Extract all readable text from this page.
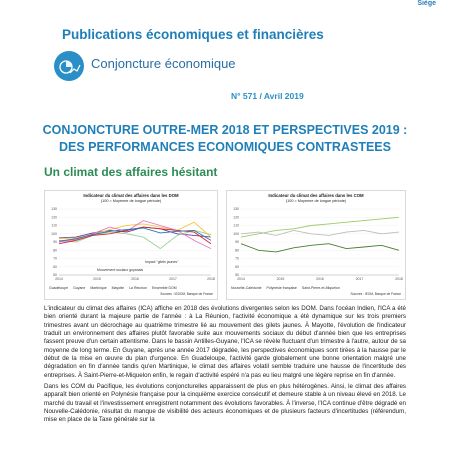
Siège
Publications économiques et financières
Conjoncture économique
N° 571 / Avril 2019
CONJONCTURE OUTRE-MER 2018 ET PERSPECTIVES 2019 :
DES PERFORMANCES ECONOMIQUES CONTRASTEES
Un climat des affaires hésitant
Indicateur du climat des affaires dans les DOM
(100 = Moyenne de longue période)
50
60
70
80
90
100
110
120
130
2014	2015	2016	2017	2018
Mouvement sociaux guyanais
Impact "gilets jaunes"
Guadeloupe Guyane Martinique Mayotte La Réunion Ensemble DOM
Sources : IEDOM, Banque de France
Indicateur du climat des affaires dans les COM
(100 = Moyenne de longue période)
50
60
70
80
90
100
110
120
130
2014	2015	2016	2017	2018
Nouvelle-Calédonie Polynésie française Saint-Pierre-et-Miquelon
Sources : IEOM, Banque de France
L'indicateur du climat des affaires (ICA) affiche en 2018 des évolutions divergentes selon les DOM. Dans l'océan Indien, l'ICA a été bien orienté durant la majeure partie de l'année : à La Réunion, l'activité économique a été dynamique sur les trois premiers trimestres avant un décrochage au quatrième trimestre lié au mouvement des gilets jaunes. À Mayotte, l'évolution de l'indicateur traduit un environnement des affaires plutôt favorable suite aux mouvements sociaux du début d'année bien que les entreprises fassent preuve d'un certain attentisme. Dans le bassin Antilles-Guyane, l'ICA se révèle fluctuant d'un trimestre à l'autre, autour de sa moyenne de long terme. En Guyane, après une année 2017 dégradée, les perspectives économiques sont tirées à la hausse par le début de la mise en œuvre du plan d'urgence. En Guadeloupe, l'activité garde globalement une bonne orientation malgré une dégradation en fin d'année tandis qu'en Martinique, le climat des affaires volatil semble traduire une hausse de l'incertitude des entreprises. À Saint-Pierre-et-Miquelon enfin, le regain d'activité espéré n'a pas eu lieu malgré une légère reprise en fin d'année.
Dans les COM du Pacifique, les évolutions conjoncturelles apparaissent de plus en plus hétérogènes. Ainsi, le climat des affaires apparaît bien orienté en Polynésie française pour la cinquième exercice consécutif et demeure stable à un niveau élevé en 2018. Le marché du travail et l'investissement enregistrent notamment des évolutions favorables. À l'inverse, l'ICA continue d'être dégradé en Nouvelle-Calédonie, résultat du manque de visibilité des acteurs économiques et de plusieurs facteurs d'incertitudes (référendum, mise en place de la Taxe générale sur la
